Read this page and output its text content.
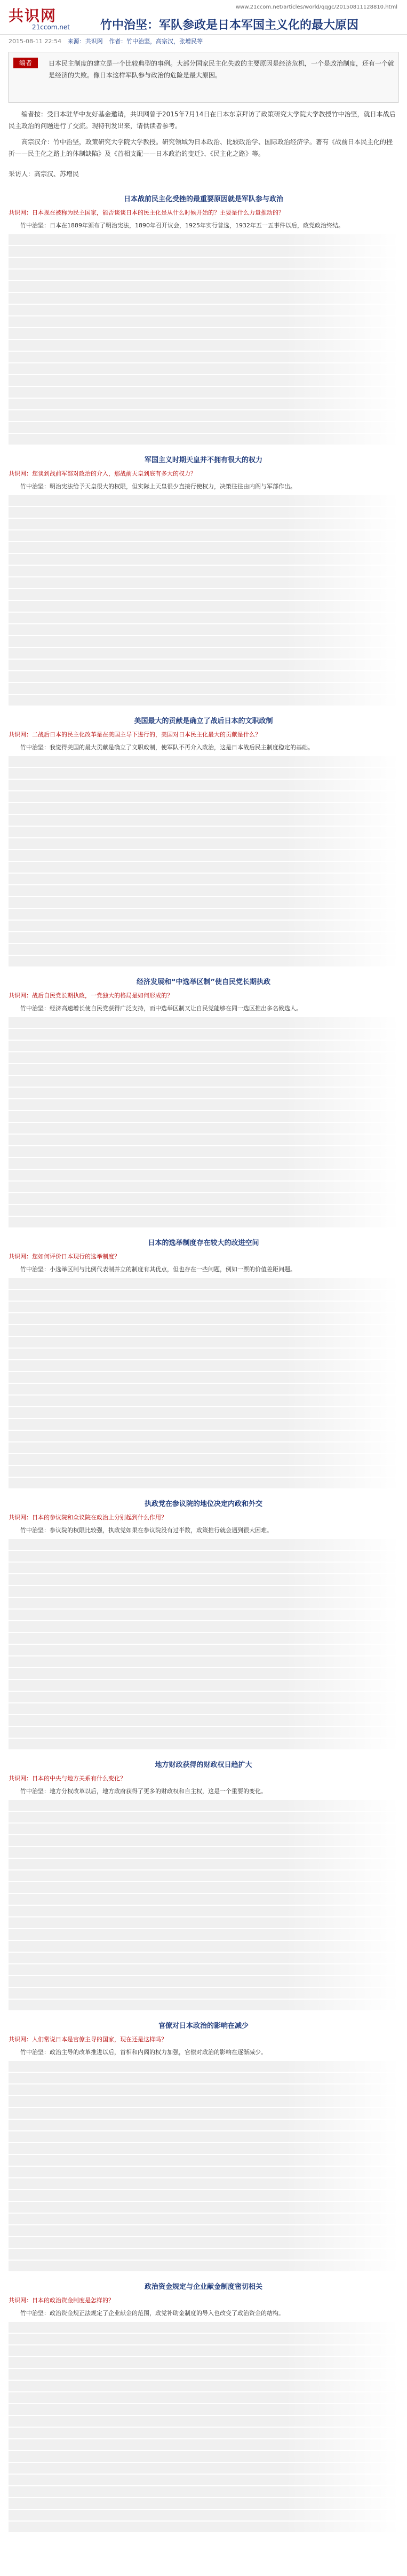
共识网
21ccom.net
www.21ccom.net/articles/world/qqgc/20150811128810.html
竹中治坚：军队参政是日本军国主义化的最大原因
2015-08-11 22:54 来源：共识网 作者：竹中治坚，高宗汉，张增民等
编者	日本民主制度的建立是一个比较典型的事例。大部分国家民主化失败的主要原因是经济危机，一个是政治制度，还有一个就是经济的失败。像日本这样军队参与政治的危险是最大原因。
编者按：受日本驻华中友好基金邀请，共识网曾于2015年7月14日在日本东京拜访了政策研究大学院大学教授竹中治坚，就日本战后民主政治的问题进行了交流。现特刊发出来，请供读者参考。
高宗汉介：竹中治坚，政策研究大学院大学教授。研究领域为日本政治、比较政治学、国际政治经济学。著有《战前日本民主化的挫折——民主化之路上的体制缺陷》及《首相支配——日本政治的变迁》、《民主化之路》等。
采访人：高宗汉、苏增民
日本战前民主化受挫的最重要原因就是军队参与政治
共识网：日本现在被称为民主国家，能否谈谈日本的民主化是从什么时候开始的？主要是什么力量推动的？
竹中治坚：日本在1889年颁布了明治宪法，1890年召开议会，1925年实行普选，1932年五一五事件以后，政党政治终结。
军国主义时期天皇并不拥有很大的权力
共识网：您谈到战前军部对政治的介入，那战前天皇到底有多大的权力？
竹中治坚：明治宪法给予天皇很大的权限，但实际上天皇很少直接行使权力，决策往往由内阁与军部作出。
美国最大的贡献是确立了战后日本的文职政制
共识网：二战后日本的民主化改革是在美国主导下进行的，美国对日本民主化最大的贡献是什么？
竹中治坚：我觉得美国的最大贡献是确立了文职政制，使军队不再介入政治，这是日本战后民主制度稳定的基础。
经济发展和“中选举区制”使自民党长期执政
共识网：战后自民党长期执政，一党独大的格局是如何形成的？
竹中治坚：经济高速增长使自民党获得广泛支持，而中选举区制又让自民党能够在同一选区推出多名候选人。
日本的选举制度存在较大的改进空间
共识网：您如何评价日本现行的选举制度？
竹中治坚：小选举区制与比例代表制并立的制度有其优点，但也存在一些问题，例如一票的价值差距问题。
执政党在参议院的地位决定内政和外交
共识网：日本的参议院和众议院在政治上分别起到什么作用？
竹中治坚：参议院的权限比较强，执政党如果在参议院没有过半数，政策推行就会遇到很大困难。
地方财政获得的财政权日趋扩大
共识网：日本的中央与地方关系有什么变化？
竹中治坚：地方分权改革以后，地方政府获得了更多的财政权和自主权，这是一个重要的变化。
官僚对日本政治的影响在减少
共识网：人们常说日本是官僚主导的国家，现在还是这样吗？
竹中治坚：政治主导的改革推进以后，首相和内阁的权力加强，官僚对政治的影响在逐渐减少。
政治资金规定与企业献金制度密切相关
共识网：日本的政治资金制度是怎样的？
竹中治坚：政治资金规正法规定了企业献金的范围，政党补助金制度的导入也改变了政治资金的结构。
